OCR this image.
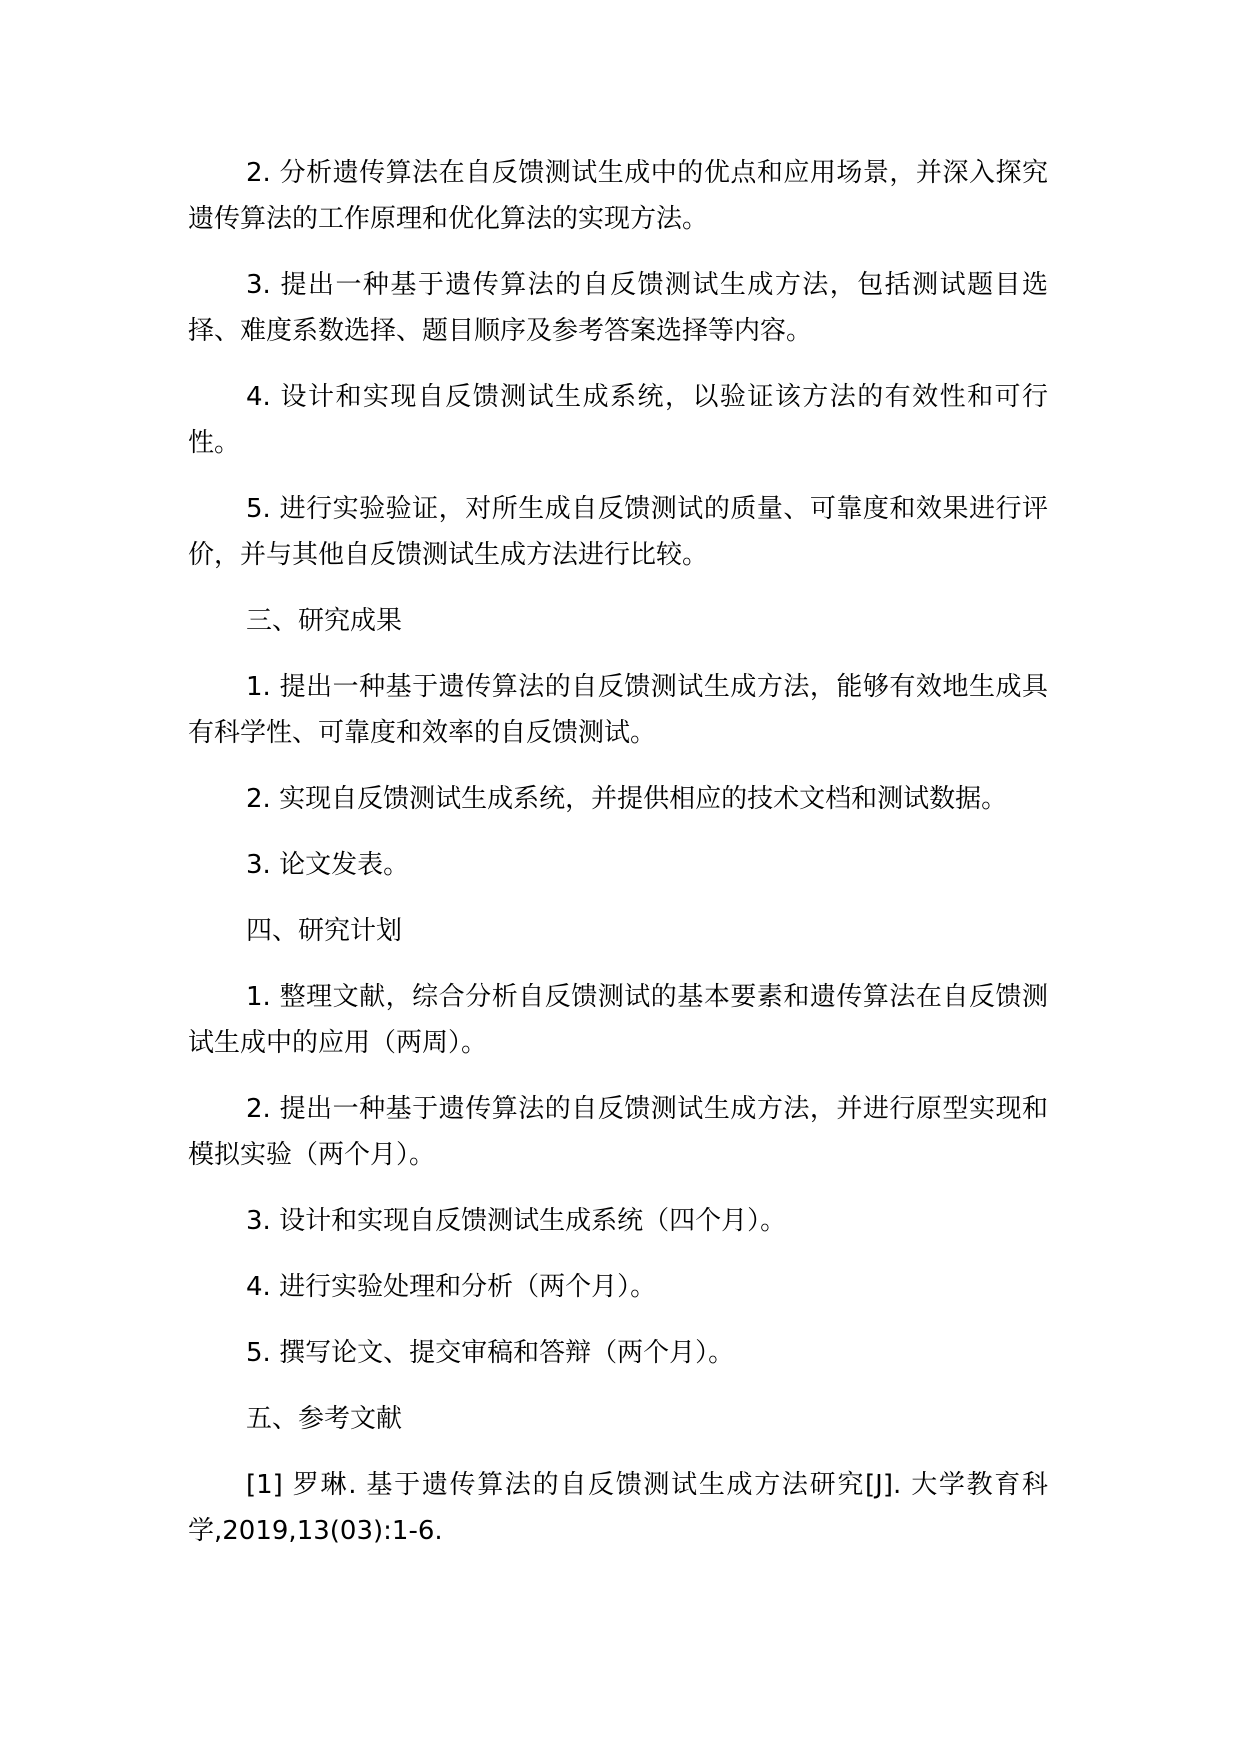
2. 分析遗传算法在自反馈测试生成中的优点和应用场景，并深入探究遗传算法的工作原理和优化算法的实现方法。

3. 提出一种基于遗传算法的自反馈测试生成方法，包括测试题目选择、难度系数选择、题目顺序及参考答案选择等内容。

4. 设计和实现自反馈测试生成系统，以验证该方法的有效性和可行性。

5. 进行实验验证，对所生成自反馈测试的质量、可靠度和效果进行评价，并与其他自反馈测试生成方法进行比较。

三、研究成果

1. 提出一种基于遗传算法的自反馈测试生成方法，能够有效地生成具有科学性、可靠度和效率的自反馈测试。

2. 实现自反馈测试生成系统，并提供相应的技术文档和测试数据。

3. 论文发表。

四、研究计划

1. 整理文献，综合分析自反馈测试的基本要素和遗传算法在自反馈测试生成中的应用（两周）。

2. 提出一种基于遗传算法的自反馈测试生成方法，并进行原型实现和模拟实验（两个月）。

3. 设计和实现自反馈测试生成系统（四个月）。

4. 进行实验处理和分析（两个月）。

5. 撰写论文、提交审稿和答辩（两个月）。

五、参考文献

[1] 罗琳. 基于遗传算法的自反馈测试生成方法研究[J]. 大学教育科学,2019,13(03):1-6.
